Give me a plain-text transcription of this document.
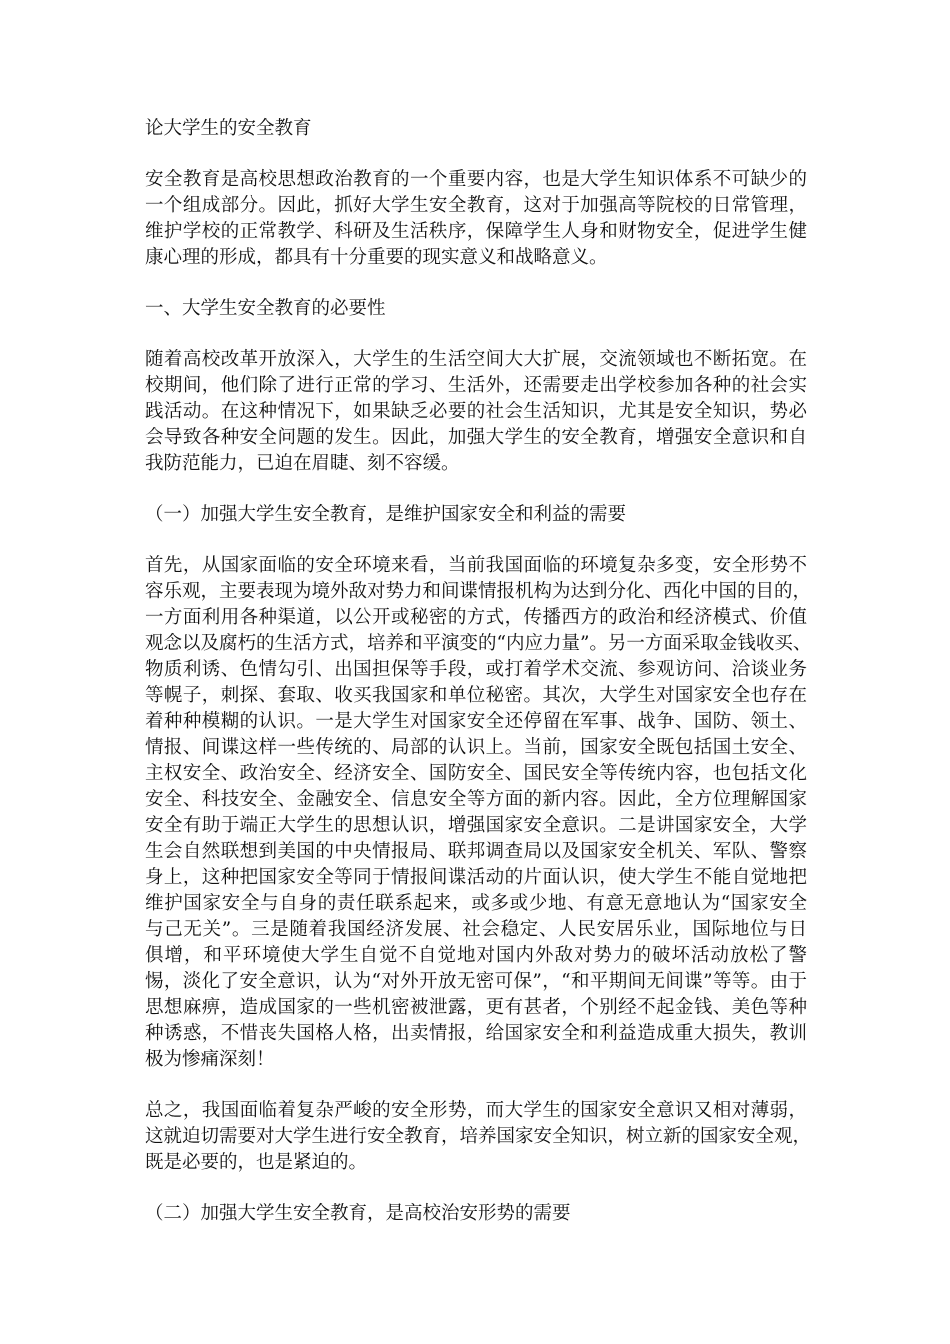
论大学生的安全教育
安全教育是高校思想政治教育的一个重要内容，也是大学生知识体系不可缺少的
一个组成部分。因此，抓好大学生安全教育，这对于加强高等院校的日常管理，
维护学校的正常教学、科研及生活秩序，保障学生人身和财物安全，促进学生健
康心理的形成，都具有十分重要的现实意义和战略意义。
一、大学生安全教育的必要性
随着高校改革开放深入，大学生的生活空间大大扩展，交流领域也不断拓宽。在
校期间，他们除了进行正常的学习、生活外，还需要走出学校参加各种的社会实
践活动。在这种情况下，如果缺乏必要的社会生活知识，尤其是安全知识，势必
会导致各种安全问题的发生。因此，加强大学生的安全教育，增强安全意识和自
我防范能力，已迫在眉睫、刻不容缓。
（一）加强大学生安全教育，是维护国家安全和利益的需要
首先，从国家面临的安全环境来看，当前我国面临的环境复杂多变，安全形势不
容乐观，主要表现为境外敌对势力和间谍情报机构为达到分化、西化中国的目的，
一方面利用各种渠道，以公开或秘密的方式，传播西方的政治和经济模式、价值
观念以及腐朽的生活方式，培养和平演变的“内应力量”。另一方面采取金钱收买、
物质利诱、色情勾引、出国担保等手段，或打着学术交流、参观访问、洽谈业务
等幌子，刺探、套取、收买我国家和单位秘密。其次，大学生对国家安全也存在
着种种模糊的认识。一是大学生对国家安全还停留在军事、战争、国防、领土、
情报、间谍这样一些传统的、局部的认识上。当前，国家安全既包括国土安全、
主权安全、政治安全、经济安全、国防安全、国民安全等传统内容，也包括文化
安全、科技安全、金融安全、信息安全等方面的新内容。因此，全方位理解国家
安全有助于端正大学生的思想认识，增强国家安全意识。二是讲国家安全，大学
生会自然联想到美国的中央情报局、联邦调查局以及国家安全机关、军队、警察
身上，这种把国家安全等同于情报间谍活动的片面认识，使大学生不能自觉地把
维护国家安全与自身的责任联系起来，或多或少地、有意无意地认为“国家安全
与己无关”。三是随着我国经济发展、社会稳定、人民安居乐业，国际地位与日
俱增，和平环境使大学生自觉不自觉地对国内外敌对势力的破坏活动放松了警
惕，淡化了安全意识，认为“对外开放无密可保”，“和平期间无间谍”等等。由于
思想麻痹，造成国家的一些机密被泄露，更有甚者，个别经不起金钱、美色等种
种诱惑，不惜丧失国格人格，出卖情报，给国家安全和利益造成重大损失，教训
极为惨痛深刻！
总之，我国面临着复杂严峻的安全形势，而大学生的国家安全意识又相对薄弱，
这就迫切需要对大学生进行安全教育，培养国家安全知识，树立新的国家安全观，
既是必要的，也是紧迫的。
（二）加强大学生安全教育，是高校治安形势的需要
